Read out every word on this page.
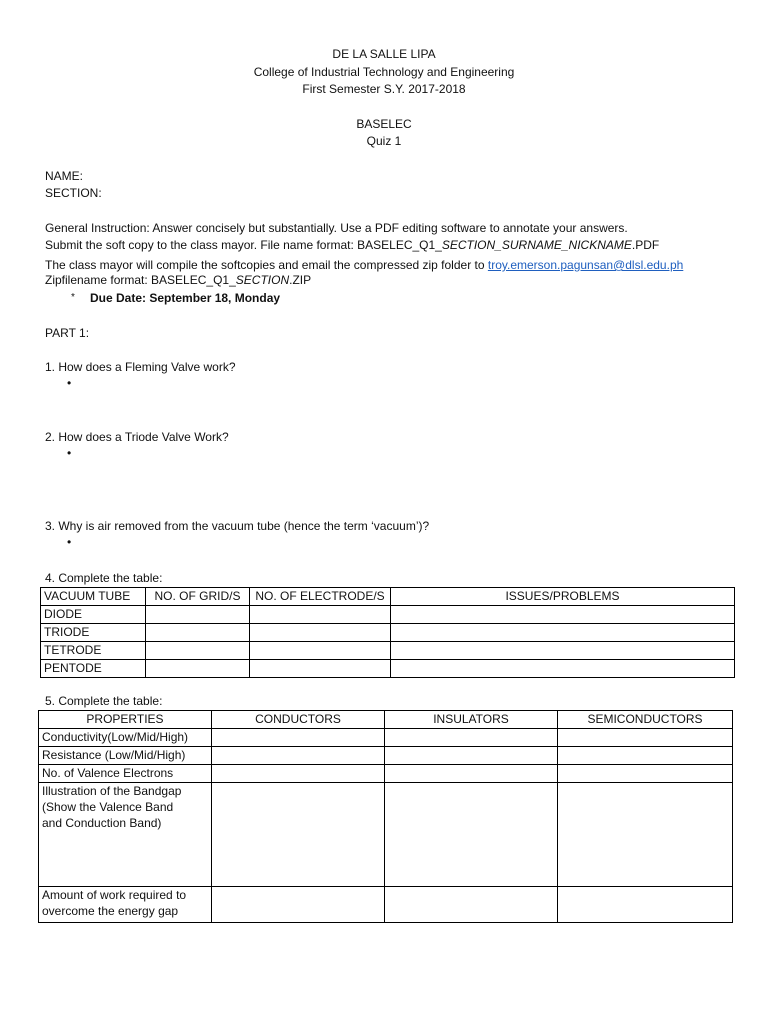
DE LA SALLE LIPA
College of Industrial Technology and Engineering
First Semester S.Y. 2017-2018
BASELEC
Quiz 1
NAME:
SECTION:
General Instruction: Answer concisely but substantially. Use a PDF editing software to annotate your answers.
Submit the soft copy to the class mayor. File name format: BASELEC_Q1_SECTION_SURNAME_NICKNAME.PDF
The class mayor will compile the softcopies and email the compressed zip folder to troy.emerson.pagunsan@dlsl.edu.ph
Zipfilename format: BASELEC_Q1_SECTION.ZIP
* Due Date: September 18, Monday
PART 1:
1. How does a Fleming Valve work?
•
2. How does a Triode Valve Work?
•
3. Why is air removed from the vacuum tube (hence the term ‘vacuum’)?
•
4. Complete the table:
VACUUM TUBE	NO. OF GRID/S	NO. OF ELECTRODE/S	ISSUES/PROBLEMS
DIODE			
TRIODE			
TETRODE			
PENTODE			
5. Complete the table:
PROPERTIES	CONDUCTORS	INSULATORS	SEMICONDUCTORS
Conductivity(Low/Mid/High)			
Resistance (Low/Mid/High)			
No. of Valence Electrons			

Illustration of the Bandgap
(Show the Valence Band
and Conduction Band)			

Amount of work required to
overcome the energy gap			
